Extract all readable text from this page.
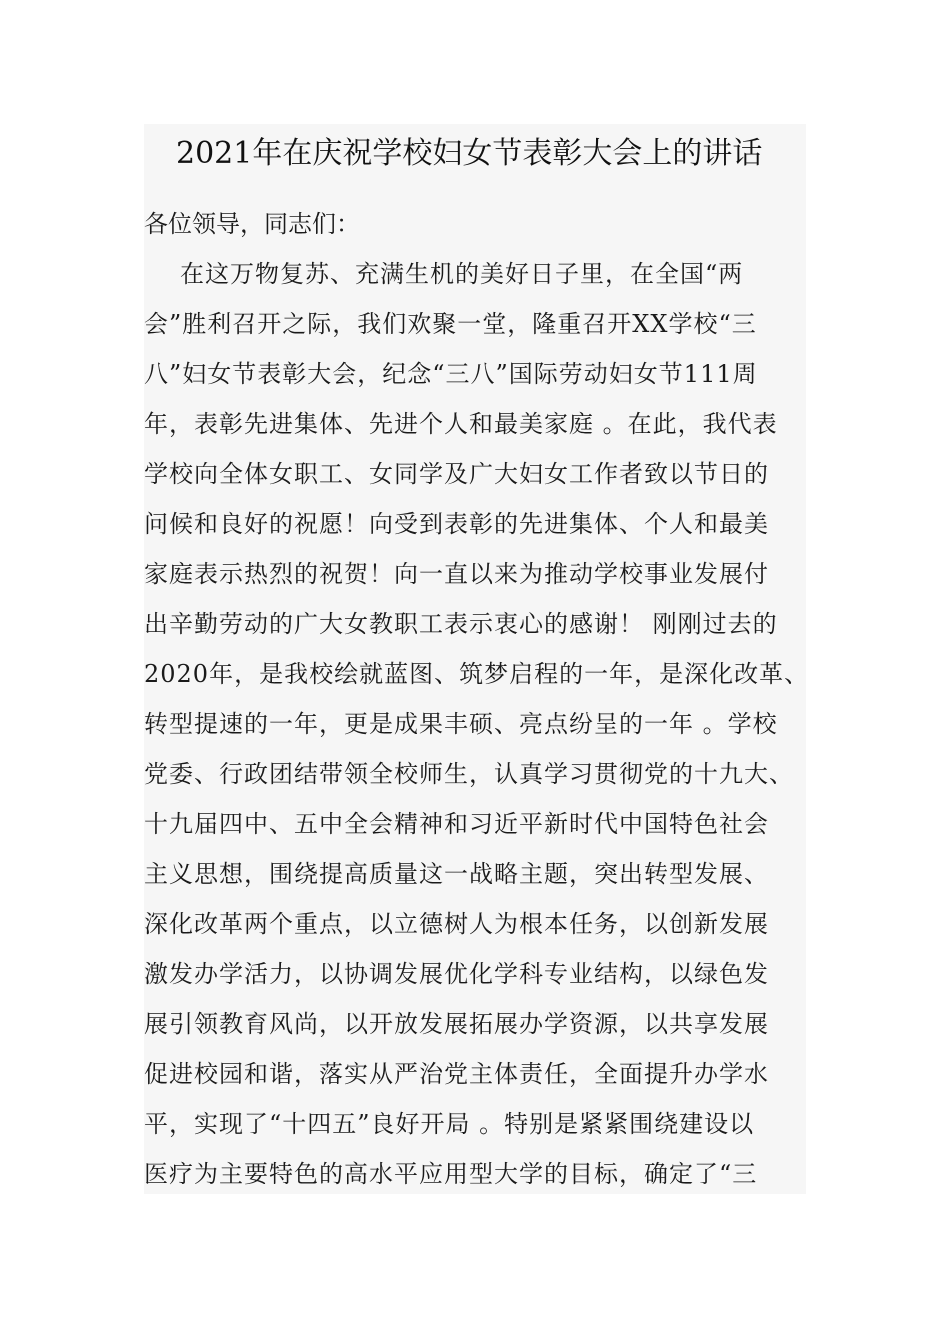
2021年在庆祝学校妇女节表彰大会上的讲话
各位领导，同志们：
在这万物复苏、充满生机的美好日子里，在全国“两
会”胜利召开之际，我们欢聚一堂，隆重召开XX学校“三
八”妇女节表彰大会，纪念“三八”国际劳动妇女节111周
年，表彰先进集体、先进个人和最美家庭 。在此，我代表
学校向全体女职工、女同学及广大妇女工作者致以节日的
问候和良好的祝愿！向受到表彰的先进集体、个人和最美
家庭表示热烈的祝贺！向一直以来为推动学校事业发展付
出辛勤劳动的广大女教职工表示衷心的感谢！ 刚刚过去的
2020年，是我校绘就蓝图、筑梦启程的一年，是深化改革、
转型提速的一年，更是成果丰硕、亮点纷呈的一年 。学校
党委、行政团结带领全校师生，认真学习贯彻党的十九大、
十九届四中、五中全会精神和习近平新时代中国特色社会
主义思想，围绕提高质量这一战略主题，突出转型发展、
深化改革两个重点，以立德树人为根本任务，以创新发展
激发办学活力，以协调发展优化学科专业结构，以绿色发
展引领教育风尚，以开放发展拓展办学资源，以共享发展
促进校园和谐，落实从严治党主体责任，全面提升办学水
平，实现了“十四五”良好开局 。特别是紧紧围绕建设以
医疗为主要特色的高水平应用型大学的目标，确定了“三
